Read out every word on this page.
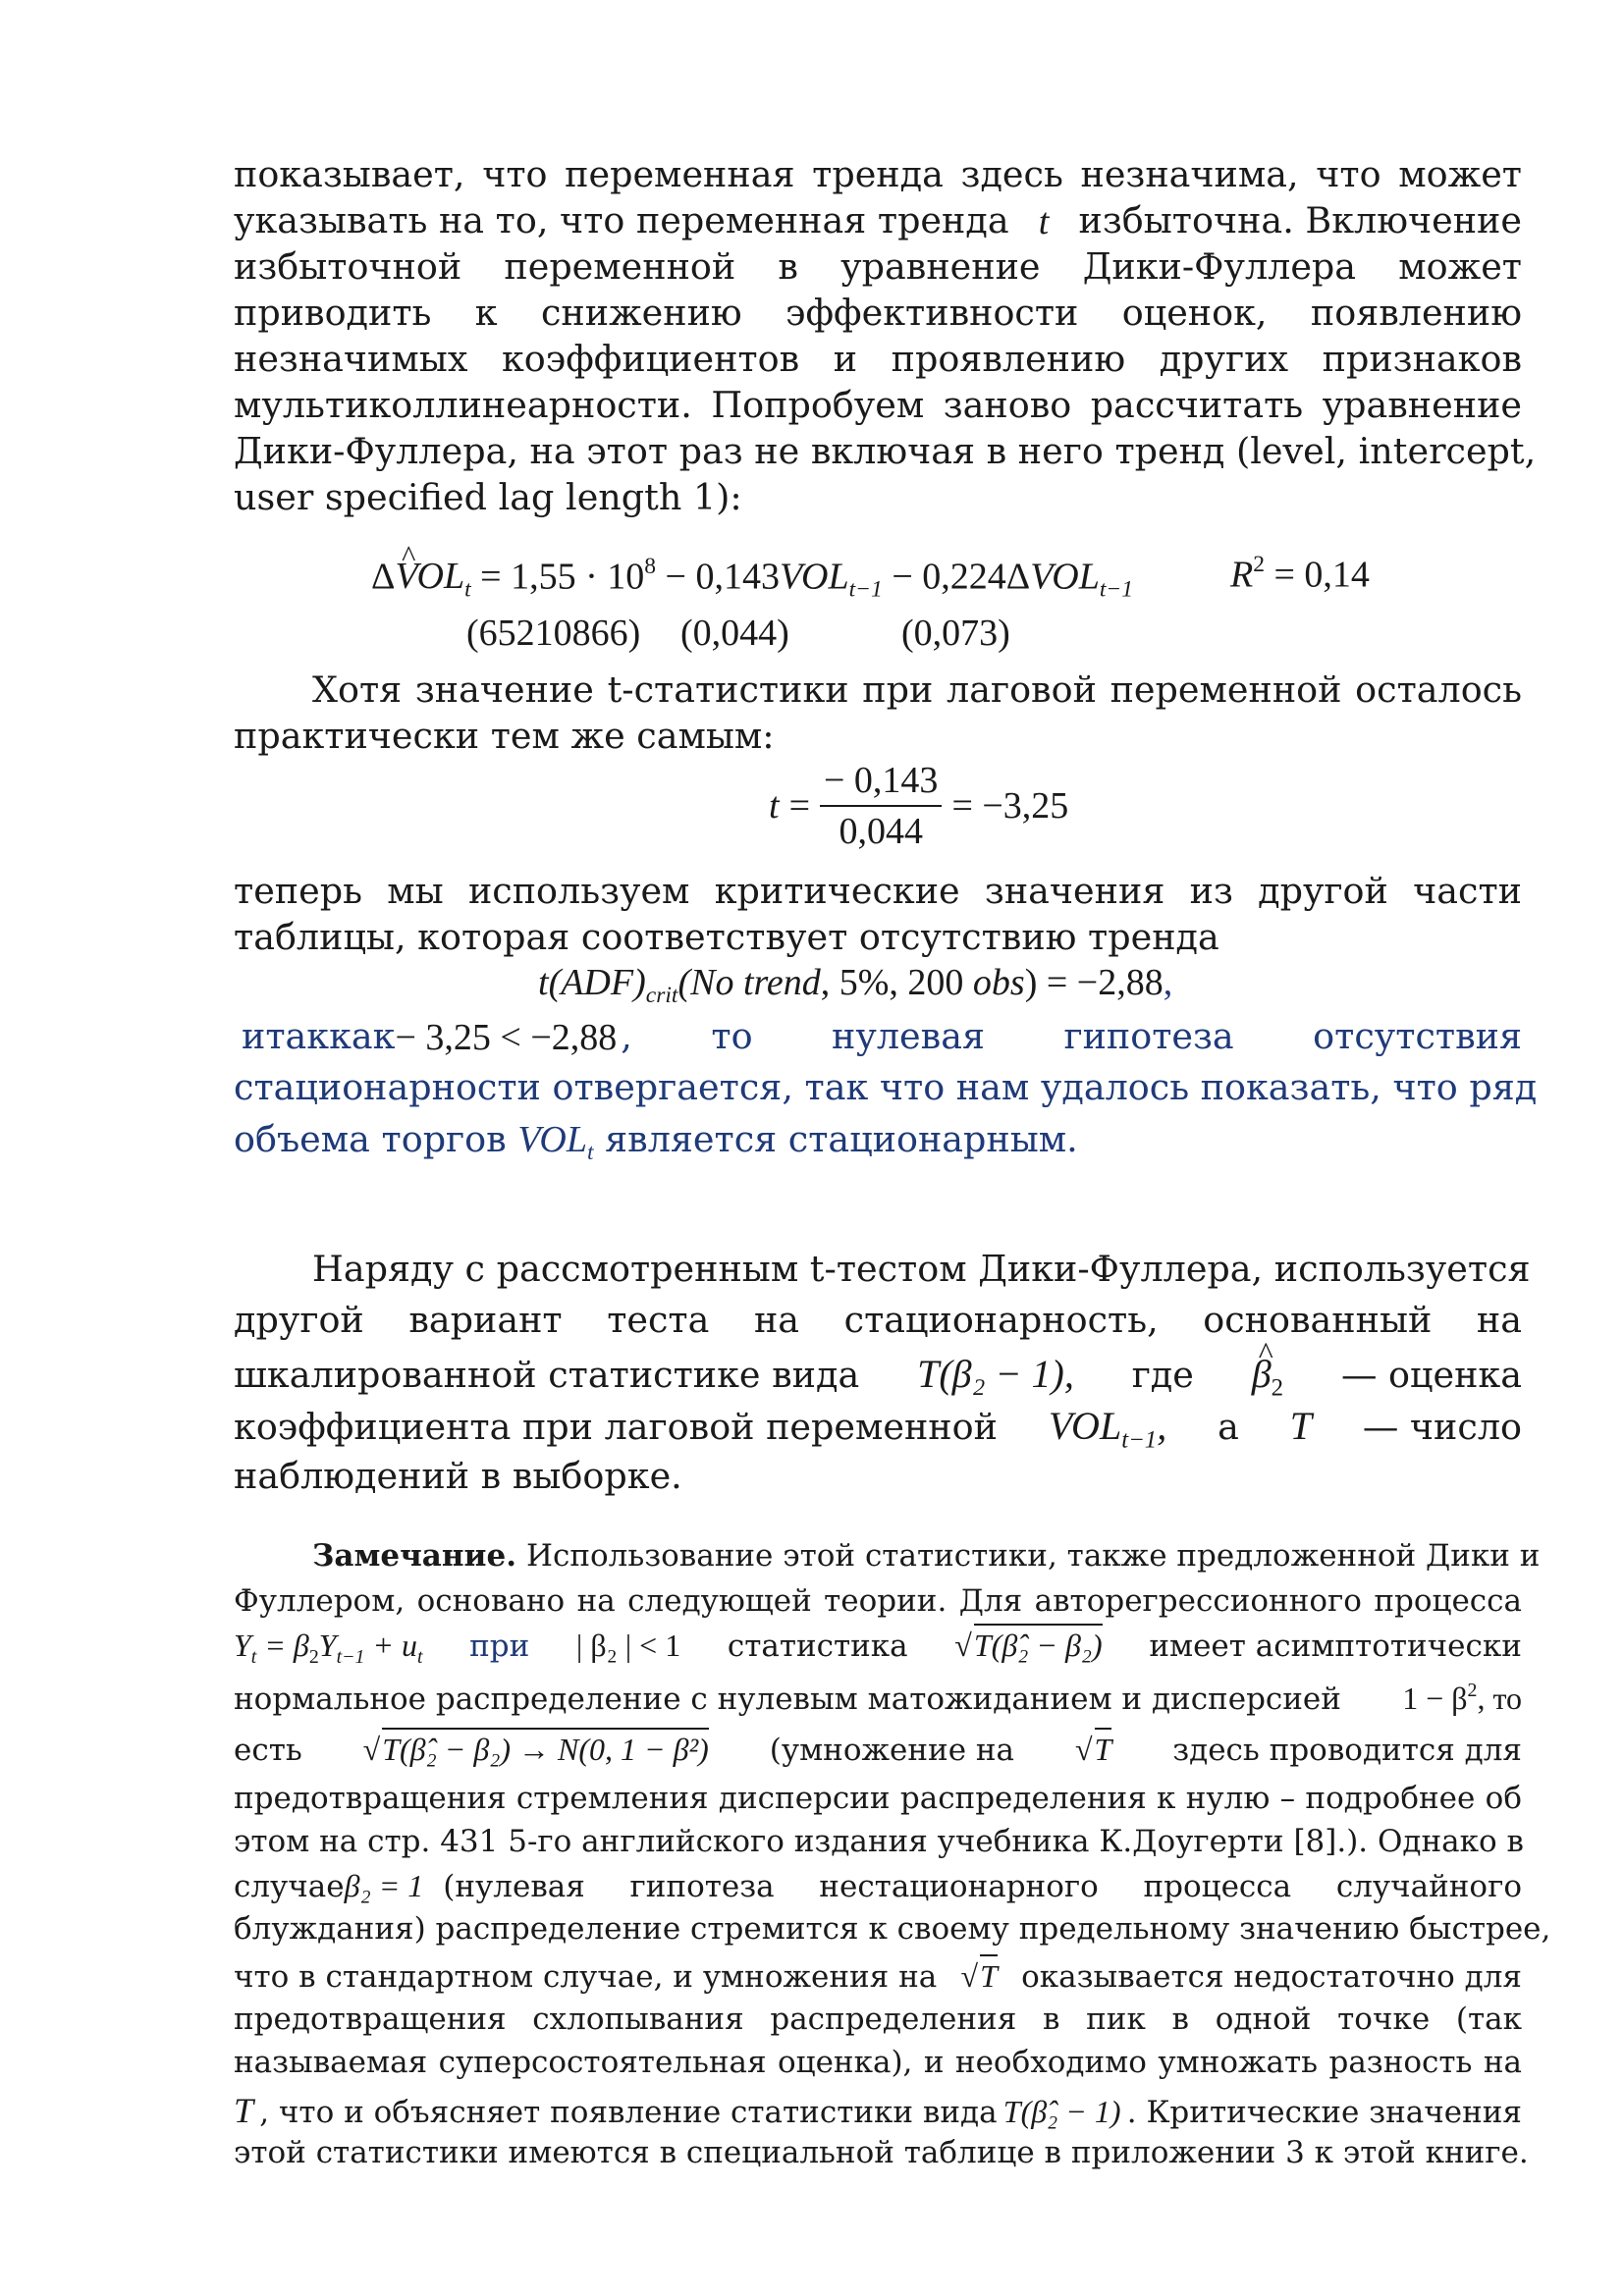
показывает, что переменная тренда здесь незначима, что может
указывать на то, что переменная тренда t избыточна. Включение
избыточной переменной в уравнение Дики-Фуллера может
приводить к снижению эффективности оценок, появлению
незначимых коэффициентов и проявлению других признаков
мультиколлинеарности. Попробуем заново рассчитать уравнение
Дики-Фуллера, на этот раз не включая в него тренд (level, intercept,
user specified lag length 1):
Δ^ $VOL_t = 1,55 \cdot 10^8 - 0,143VOL_{t-1} - 0,224\Delta VOL_{t-1}$	$R^2 = 0,14$
(65210866) (0,044)	(0,073)
Хотя значение t-статистики при лаговой переменной осталось
практически тем же самым:
$t = \frac{- 0,143}{0,044} = -3,25$
теперь мы используем критические значения из другой части
таблицы, которая соответствует отсутствию тренда
$t(ADF)_{crit}(No$ trend, 5%, 200 obs) = −2,88,
и так как − 3,25 < −2,88 , то нулевая гипотеза отсутствия
стационарности отвергается, так что нам удалось показать, что ряд
объема торгов $VOL_t$ является стационарным.
Наряду с рассмотренным t-тестом Дики-Фуллера, используется
другой вариант теста на стационарность, основанный на
шкалированной статистике вида T(β₂ − 1), где
^ $\beta_2$ — оценка
коэффициента при лаговой переменной $VOL_{t-1}$, а T — число
наблюдений в выборке.
Замечание. Использование этой статистики, также предложенной Дики и
Фуллером, основано на следующей теории. Для авторегрессионного процесса
$Y_t = \beta_2Y_{t-1} + u_t$ при | β₂ | < 1 статистика √T(β̂₂ − β₂) имеет асимптотически
нормальное распределение с нулевым матожиданием и дисперсией $1 - \beta^2$, то
есть √T(β̂₂ − β₂) → N(0, 1 − β²) (умножение на √T здесь проводится для
предотвращения стремления дисперсии распределения к нулю – подробнее об
этом на стр. 431 5-го английского издания учебника К.Доугерти [8].). Однако в
случае β₂ = 1 (нулевая гипотеза нестационарного процесса случайного
блуждания) распределение стремится к своему предельному значению быстрее,
что в стандартном случае, и умножения на √T оказывается недостаточно для
предотвращения схлопывания распределения в пик в одной точке (так
называемая суперсостоятельная оценка), и необходимо умножать разность на
T , что и объясняет появление статистики вида T(β̂₂ − 1) . Критические значения
этой статистики имеются в специальной таблице в приложении 3 к этой книге.
